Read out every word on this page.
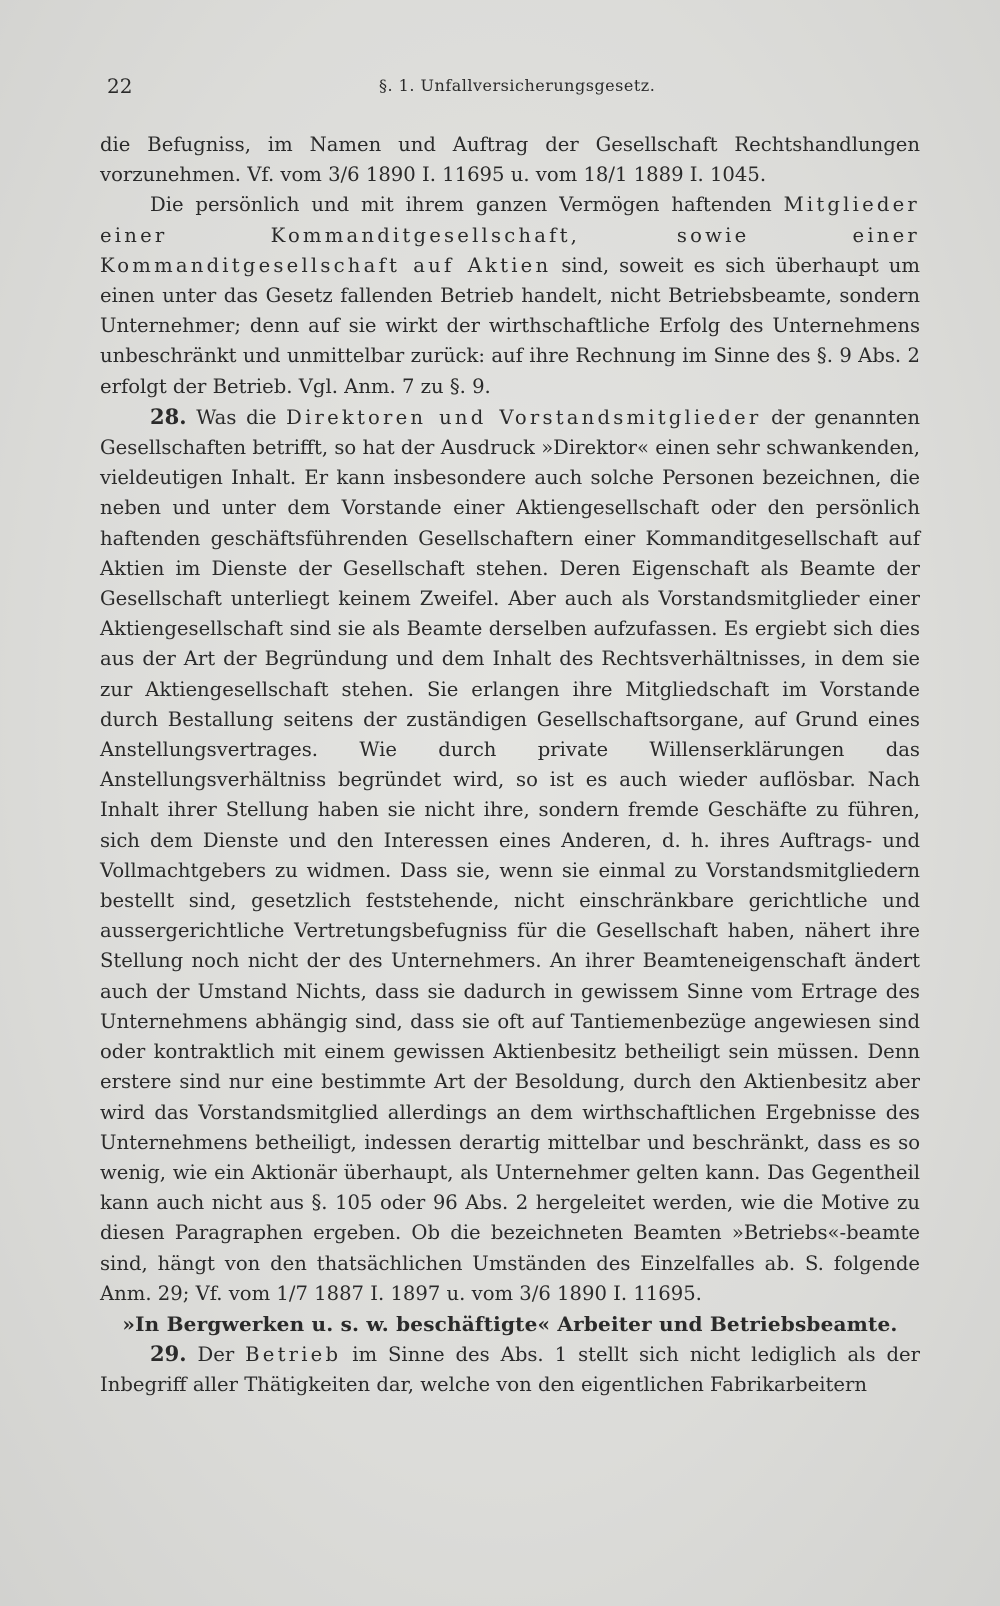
22	§. 1. Unfallversicherungsgesetz.

die Befugniss, im Namen und Auftrag der Gesellschaft Rechtshandlungen vorzunehmen. Vf. vom 3/6 1890 I. 11695 u. vom 18/1 1889 I. 1045.

Die persönlich und mit ihrem ganzen Vermögen haftenden Mitglieder einer Kommanditgesellschaft, sowie einer Kommanditgesellschaft auf Aktien sind, soweit es sich überhaupt um einen unter das Gesetz fallenden Betrieb handelt, nicht Betriebsbeamte, sondern Unternehmer; denn auf sie wirkt der wirthschaftliche Erfolg des Unternehmens unbeschränkt und unmittelbar zurück: auf ihre Rechnung im Sinne des §. 9 Abs. 2 erfolgt der Betrieb. Vgl. Anm. 7 zu §. 9.

28. Was die Direktoren und Vorstandsmitglieder der genannten Gesellschaften betrifft, so hat der Ausdruck »Direktor« einen sehr schwankenden, vieldeutigen Inhalt. Er kann insbesondere auch solche Personen bezeichnen, die neben und unter dem Vorstande einer Aktiengesellschaft oder den persönlich haftenden geschäftsführenden Gesellschaftern einer Kommanditgesellschaft auf Aktien im Dienste der Gesellschaft stehen. Deren Eigenschaft als Beamte der Gesellschaft unterliegt keinem Zweifel. Aber auch als Vorstandsmitglieder einer Aktiengesellschaft sind sie als Beamte derselben aufzufassen. Es ergiebt sich dies aus der Art der Begründung und dem Inhalt des Rechtsverhältnisses, in dem sie zur Aktiengesellschaft stehen. Sie erlangen ihre Mitgliedschaft im Vorstande durch Bestallung seitens der zuständigen Gesellschaftsorgane, auf Grund eines Anstellungsvertrages. Wie durch private Willenserklärungen das Anstellungsverhältniss begründet wird, so ist es auch wieder auflösbar. Nach Inhalt ihrer Stellung haben sie nicht ihre, sondern fremde Geschäfte zu führen, sich dem Dienste und den Interessen eines Anderen, d. h. ihres Auftrags- und Vollmachtgebers zu widmen. Dass sie, wenn sie einmal zu Vorstandsmitgliedern bestellt sind, gesetzlich feststehende, nicht einschränkbare gerichtliche und aussergerichtliche Vertretungsbefugniss für die Gesellschaft haben, nähert ihre Stellung noch nicht der des Unternehmers. An ihrer Beamteneigenschaft ändert auch der Umstand Nichts, dass sie dadurch in gewissem Sinne vom Ertrage des Unternehmens abhängig sind, dass sie oft auf Tantiemenbezüge angewiesen sind oder kontraktlich mit einem gewissen Aktienbesitz betheiligt sein müssen. Denn erstere sind nur eine bestimmte Art der Besoldung, durch den Aktienbesitz aber wird das Vorstandsmitglied allerdings an dem wirthschaftlichen Ergebnisse des Unternehmens betheiligt, indessen derartig mittelbar und beschränkt, dass es so wenig, wie ein Aktionär überhaupt, als Unternehmer gelten kann. Das Gegentheil kann auch nicht aus §. 105 oder 96 Abs. 2 hergeleitet werden, wie die Motive zu diesen Paragraphen ergeben. Ob die bezeichneten Beamten »Betriebs«-beamte sind, hängt von den thatsächlichen Umständen des Einzelfalles ab. S. folgende Anm. 29; Vf. vom 1/7 1887 I. 1897 u. vom 3/6 1890 I. 11695.

»In Bergwerken u. s. w. beschäftigte« Arbeiter und Betriebsbeamte.

29. Der Betrieb im Sinne des Abs. 1 stellt sich nicht lediglich als der Inbegriff aller Thätigkeiten dar, welche von den eigentlichen Fabrikarbeitern
